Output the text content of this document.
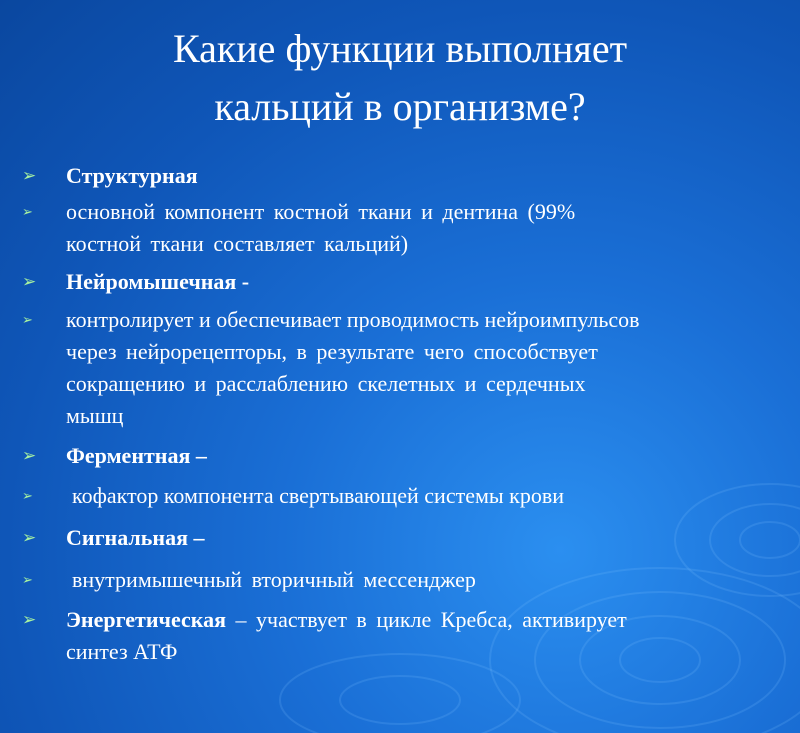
Какие функции выполняет
кальций в организме?
➢	Структурная
➢	основной компонент костной ткани и дентина (99%
костной ткани составляет кальций)
➢	Нейромышечная -
➢	контролирует и обеспечивает проводимость нейроимпульсов
через нейрорецепторы, в результате чего способствует
сокращению и расслаблению скелетных и сердечных
мышц
➢	Ферментная –
➢	кофактор компонента свертывающей системы крови
➢	Сигнальная –
➢	внутримышечный вторичный мессенджер
➢	Энергетическая – участвует в цикле Кребса, активирует
синтез АТФ
